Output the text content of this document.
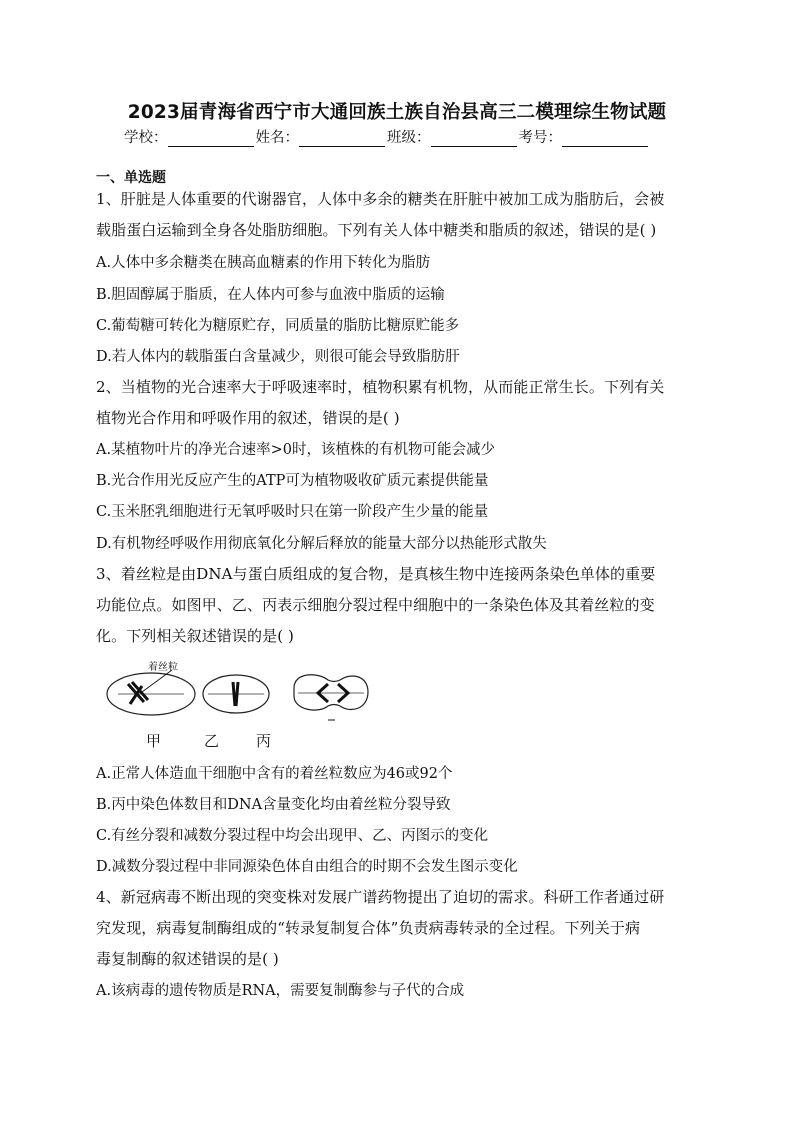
2023届青海省西宁市大通回族土族自治县高三二模理综生物试题
学校：	姓名：	班级：	考号：
一、单选题
1、肝脏是人体重要的代谢器官，人体中多余的糖类在肝脏中被加工成为脂肪后，会被
载脂蛋白运输到全身各处脂肪细胞。下列有关人体中糖类和脂质的叙述，错误的是( )
A.人体中多余糖类在胰高血糖素的作用下转化为脂肪
B.胆固醇属于脂质，在人体内可参与血液中脂质的运输
C.葡萄糖可转化为糖原贮存，同质量的脂肪比糖原贮能多
D.若人体内的载脂蛋白含量减少，则很可能会导致脂肪肝
2、当植物的光合速率大于呼吸速率时，植物积累有机物，从而能正常生长。下列有关
植物光合作用和呼吸作用的叙述，错误的是( )
A.某植物叶片的净光合速率>0时，该植株的有机物可能会减少
B.光合作用光反应产生的ATP可为植物吸收矿质元素提供能量
C.玉米胚乳细胞进行无氧呼吸时只在第一阶段产生少量的能量
D.有机物经呼吸作用彻底氧化分解后释放的能量大部分以热能形式散失
3、着丝粒是由DNA与蛋白质组成的复合物，是真核生物中连接两条染色单体的重要
功能位点。如图甲、乙、丙表示细胞分裂过程中细胞中的一条染色体及其着丝粒的变
化。下列相关叙述错误的是( )
着丝粒
甲	乙 丙
A.正常人体造血干细胞中含有的着丝粒数应为46或92个
B.丙中染色体数目和DNA含量变化均由着丝粒分裂导致
C.有丝分裂和减数分裂过程中均会出现甲、乙、丙图示的变化
D.减数分裂过程中非同源染色体自由组合的时期不会发生图示变化
4、新冠病毒不断出现的突变株对发展广谱药物提出了迫切的需求。科研工作者通过研
究发现，病毒复制酶组成的“转录复制复合体”负责病毒转录的全过程。下列关于病
毒复制酶的叙述错误的是( )
A.该病毒的遗传物质是RNA，需要复制酶参与子代的合成
